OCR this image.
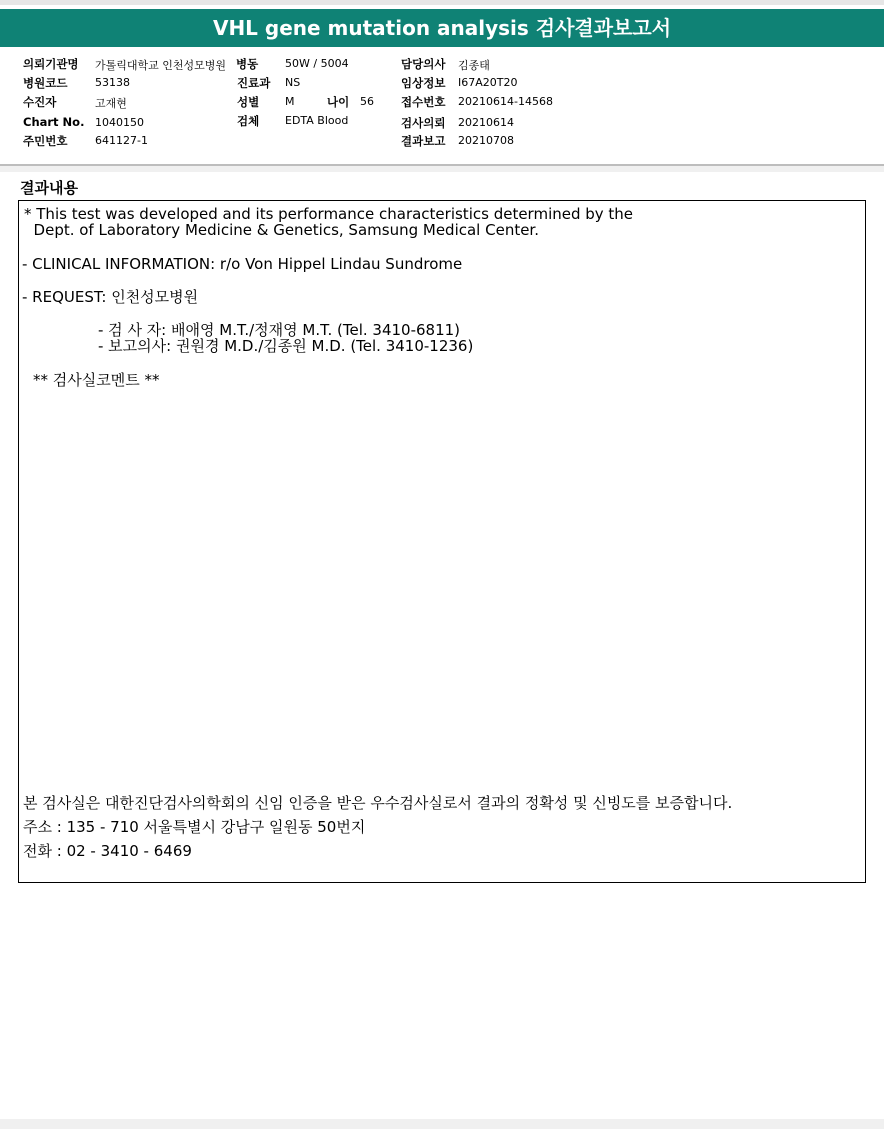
VHL gene mutation analysis 검사결과보고서
의뢰기관명 가톨릭대학교 인천성모병원
병원코드	53138
수진자	고재현
Chart No. 1040150
주민번호	641127-1
병동 50W / 5004
진료과 NS
성별 M	나이 56
검체 EDTA Blood
담당의사 김종태
임상정보 I67A20T20
접수번호 20210614-14568
검사의뢰 20210614
결과보고 20210708
결과내용
* This test was developed and its performance characteristics determined by the
Dept. of Laboratory Medicine & Genetics, Samsung Medical Center.
- CLINICAL INFORMATION: r/o Von Hippel Lindau Sundrome
- REQUEST: 인천성모병원
- 검 사 자: 배애영 M.T./정재영 M.T. (Tel. 3410-6811)
- 보고의사: 권원경 M.D./김종원 M.D. (Tel. 3410-1236)
** 검사실코멘트 **
본 검사실은 대한진단검사의학회의 신임 인증을 받은 우수검사실로서 결과의 정확성 및 신빙도를 보증합니다.
주소 : 135 - 710 서울특별시 강남구 일원동 50번지
전화 : 02 - 3410 - 6469
